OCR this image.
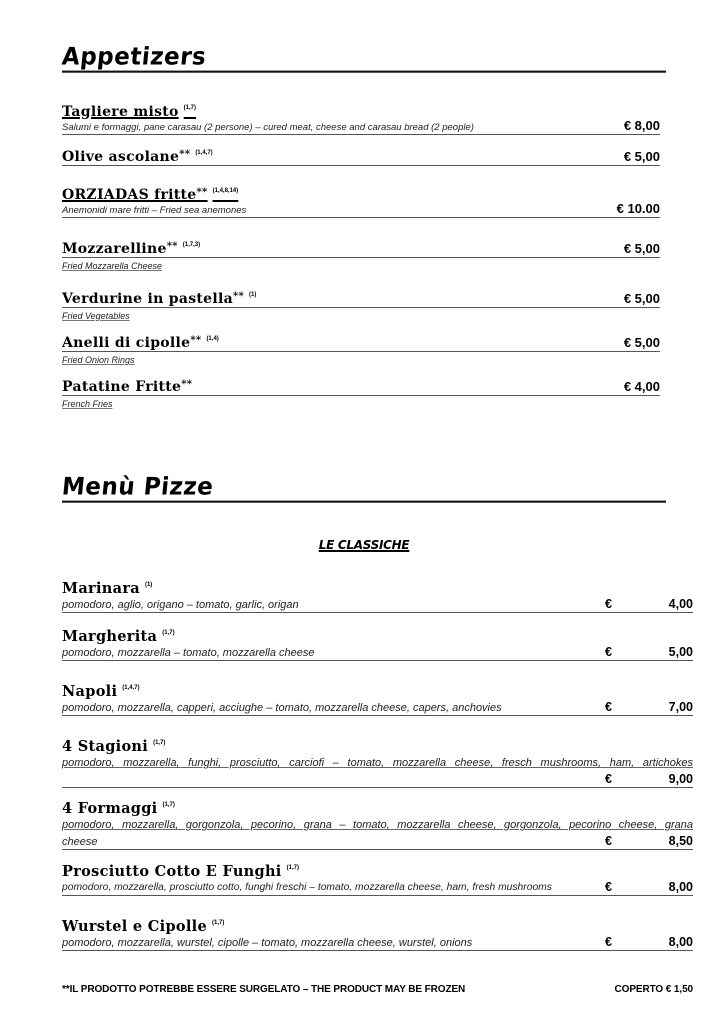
Appetizers
Tagliere misto $^{(1,7)}$
Salumi e formaggi, pane carasau (2 persone) – cured meat, cheese and carasau bread (2 people)	€ 8,00
Olive ascolane** $^{(1,4,7)}$	€ 5,00
ORZIADAS fritte** $^{(1,4,8,14)}$
Anemonidi mare fritti – Fried sea anemones	€ 10.00
Mozzarelline** $^{(1,7,3)}$	€ 5,00
Fried Mozzarella Cheese
Verdurine in pastella** $^{(1)}$	€ 5,00
Fried Vegetables
Anelli di cipolle** $^{(1,4)}$	€ 5,00
Fried Onion Rings
Patatine Fritte**	€ 4,00
French Fries
Menù Pizze
LE CLASSICHE
Marinara $^{(1)}$
pomodoro, aglio, origano – tomato, garlic, origan	€	4,00
Margherita $^{(1,7)}$
pomodoro, mozzarella – tomato, mozzarella cheese	€	5,00
Napoli $^{(1,4,7)}$
pomodoro, mozzarella, capperi, acciughe – tomato, mozzarella cheese, capers, anchovies	€	7,00
4 Stagioni $^{(1,7)}$
pomodoro, mozzarella, funghi, prosciutto, carciofi – tomato, mozzarella cheese, fresch mushrooms, ham, artichokes
€	9,00
4 Formaggi $^{(1,7)}$
pomodoro, mozzarella, gorgonzola, pecorino, grana – tomato, mozzarella cheese, gorgonzola, pecorino cheese, grana
cheese	€	8,50
Prosciutto Cotto E Funghi $^{(1,7)}$
pomodoro, mozzarella, prosciutto cotto, funghi freschi – tomato, mozzarella cheese, ham, fresh mushrooms	€	8,00
Wurstel e Cipolle $^{(1,7)}$
pomodoro, mozzarella, wurstel, cipolle – tomato, mozzarella cheese, wurstel, onions	€	8,00
**IL PRODOTTO POTREBBE ESSERE SURGELATO – THE PRODUCT MAY BE FROZEN	COPERTO € 1,50
